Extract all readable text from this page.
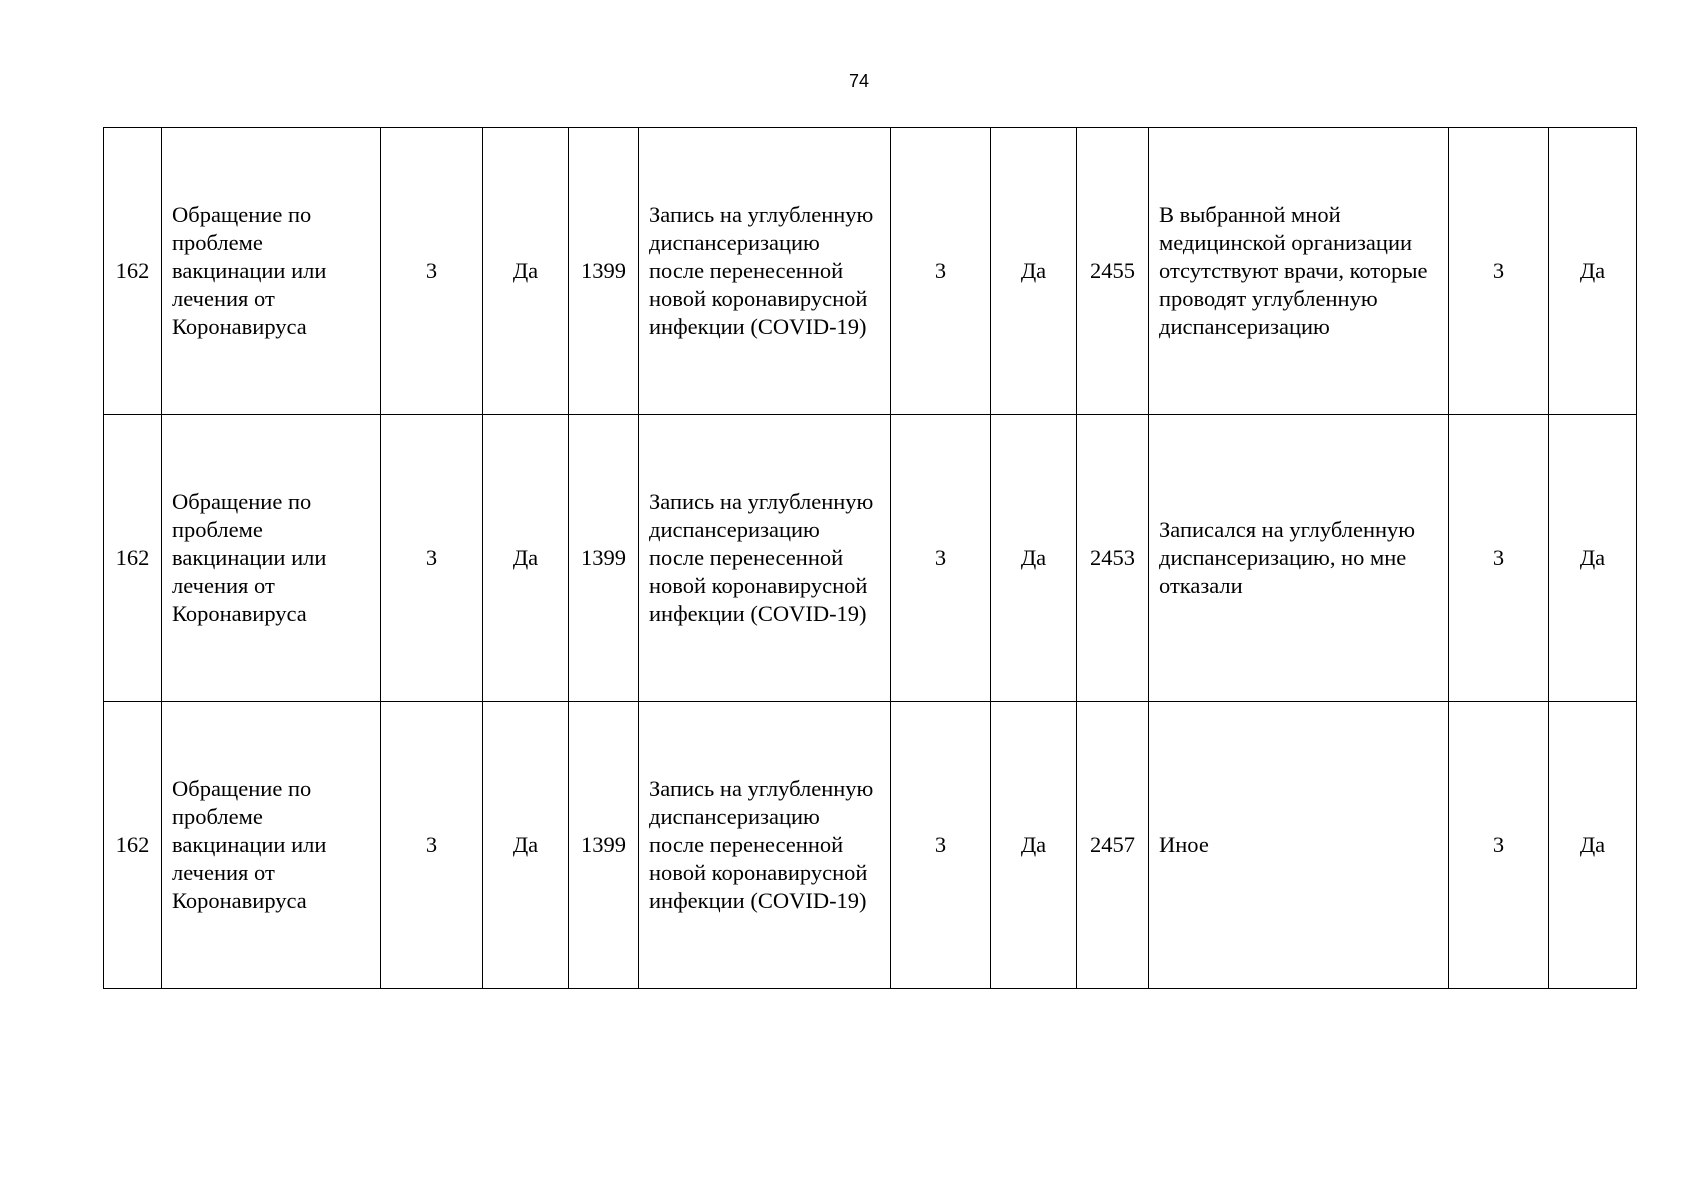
74
162	Обращение по проблеме вакцинации или лечения от Коронавируса	3	Да	1399	Запись на углубленную диспансеризацию после перенесенной новой коронавирусной инфекции (COVID-19)	3	Да	2455	В выбранной мной медицинской организации отсутствуют врачи, которые проводят углубленную диспансеризацию	3	Да
162	Обращение по проблеме вакцинации или лечения от Коронавируса	3	Да	1399	Запись на углубленную диспансеризацию после перенесенной новой коронавирусной инфекции (COVID-19)	3	Да	2453	Записался на углубленную диспансеризацию, но мне отказали	3	Да
162	Обращение по проблеме вакцинации или лечения от Коронавируса	3	Да	1399	Запись на углубленную диспансеризацию после перенесенной новой коронавирусной инфекции (COVID-19)	3	Да	2457	Иное	3	Да
